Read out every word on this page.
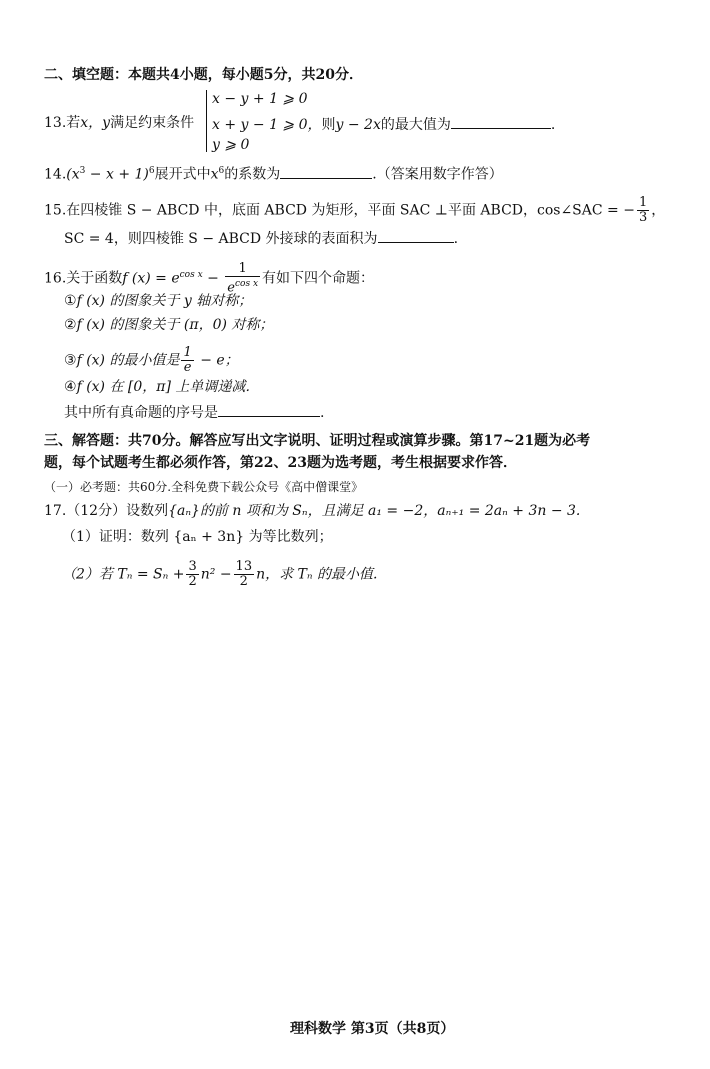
二、填空题：本题共4小题，每小题5分，共20分．
13.若x，y满足约束条件
x − y + 1 ⩾ 0
x + y − 1 ⩾ 0，则y − 2x的最大值为	.
y ⩾ 0
$14.(x^3 - x + 1)^6$展开式中$x^6$的系数为	.（答案用数字作答）
15.在四棱锥 S − ABCD 中，底面 ABCD 为矩形，平面 SAC ⊥平面 ABCD，cos∠SAC = − $\frac{1}{3}$ ，
SC = 4，则四棱锥 S − ABCD 外接球的表面积为	.
16.关于函数f $(x) = e^{cos x} - \frac{1}{e^{cos x}}$ 有如下四个命题：
①f (x) 的图象关于 y 轴对称；
②f (x) 的图象关于 (π，0) 对称；
③f (x) 的最小值是 $\frac{1}{e} - e$；
④f (x) 在 [0，π] 上单调递减．
其中所有真命题的序号是	.
三、解答题：共70分。解答应写出文字说明、证明过程或演算步骤。第17~21题为必考
题，每个试题考生都必须作答，第22、23题为选考题，考生根据要求作答．
（一）必考题：共60分.全科免费下载公众号《高中僧课堂》
17.（12分）设数列{aₙ}的前 n 项和为 Sₙ，且满足 a₁ = −2，aₙ₊₁ = 2aₙ + 3n − 3.
（1）证明：数列 {aₙ + 3n} 为等比数列；
（2）若 $T_n = S_n + \frac{3}{2} n^2 - \frac{13}{2}$ n，求 Tₙ 的最小值.
理科数学 第3页（共8页）
